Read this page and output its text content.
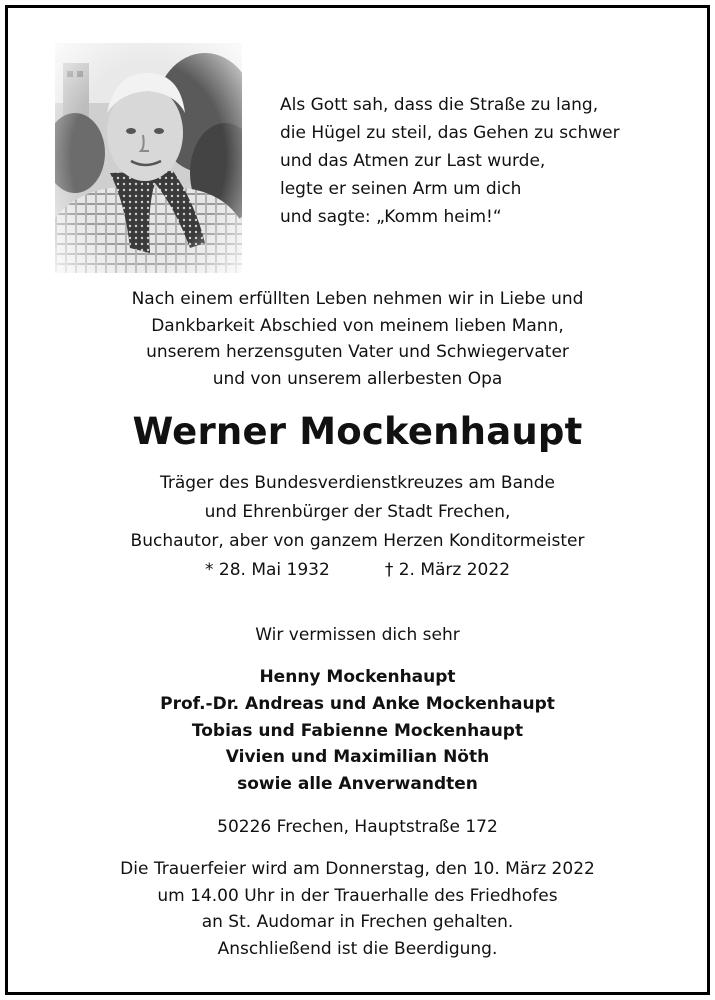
Als Gott sah, dass die Straße zu lang,
die Hügel zu steil, das Gehen zu schwer
und das Atmen zur Last wurde,
legte er seinen Arm um dich
und sagte: „Komm heim!“
Nach einem erfüllten Leben nehmen wir in Liebe und
Dankbarkeit Abschied von meinem lieben Mann,
unserem herzensguten Vater und Schwiegervater
und von unserem allerbesten Opa
Werner Mockenhaupt
Träger des Bundesverdienstkreuzes am Bande
und Ehrenbürger der Stadt Frechen,
Buchautor, aber von ganzem Herzen Konditormeister
* 28. Mai 1932	† 2. März 2022
Wir vermissen dich sehr
Henny Mockenhaupt
Prof.-Dr. Andreas und Anke Mockenhaupt
Tobias und Fabienne Mockenhaupt
Vivien und Maximilian Nöth
sowie alle Anverwandten
50226 Frechen, Hauptstraße 172
Die Trauerfeier wird am Donnerstag, den 10. März 2022
um 14.00 Uhr in der Trauerhalle des Friedhofes
an St. Audomar in Frechen gehalten.
Anschließend ist die Beerdigung.
